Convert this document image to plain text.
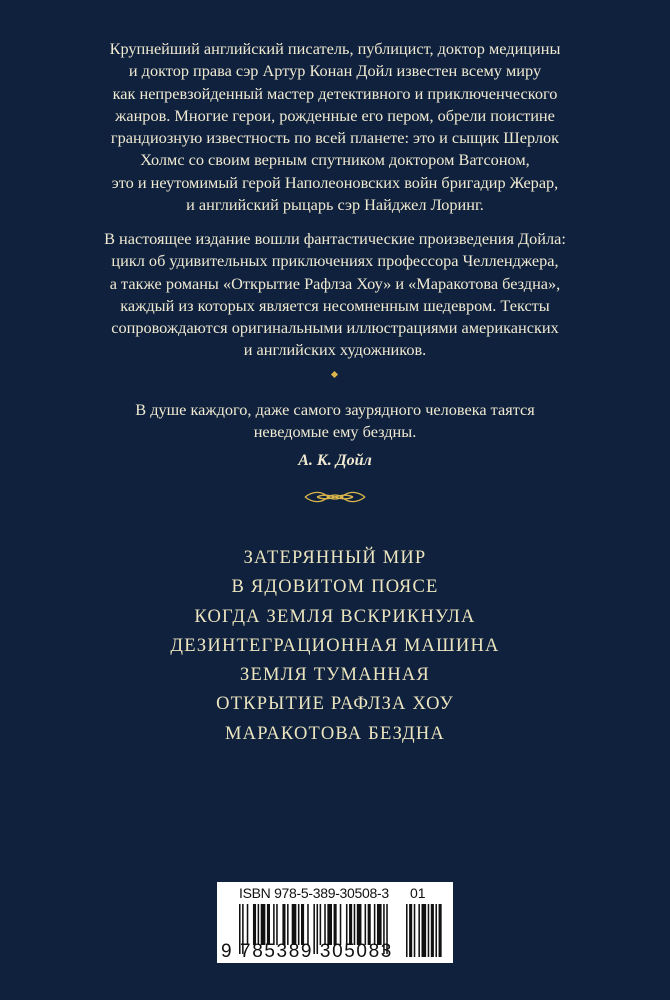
Крупнейший английский писатель, публицист, доктор медицины
и доктор права сэр Артур Конан Дойл известен всему миру
как непревзойденный мастер детективного и приключенческого
жанров. Многие герои, рожденные его пером, обрели поистине
грандиозную известность по всей планете: это и сыщик Шерлок
Холмс со своим верным спутником доктором Ватсоном,
это и неутомимый герой Наполеоновских войн бригадир Жерар,
и английский рыцарь сэр Найджел Лоринг.
В настоящее издание вошли фантастические произведения Дойла:
цикл об удивительных приключениях профессора Челленджера,
а также романы «Открытие Рафлза Хоу» и «Маракотова бездна»,
каждый из которых является несомненным шедевром. Тексты
сопровождаются оригинальными иллюстрациями американских
и английских художников.
В душе каждого, даже самого заурядного человека таятся
неведомые ему бездны.
А. К. Дойл
ЗАТЕРЯННЫЙ МИР
В ЯДОВИТОМ ПОЯСЕ
КОГДА ЗЕМЛЯ ВСКРИКНУЛА
ДЕЗИНТЕГРАЦИОННАЯ МАШИНА
ЗЕМЛЯ ТУМАННАЯ
ОТКРЫТИЕ РАФЛЗА ХОУ
МАРАКОТОВА БЕЗДНА
ISBN 978-5-389-30508-3 01
9 785389 305083
